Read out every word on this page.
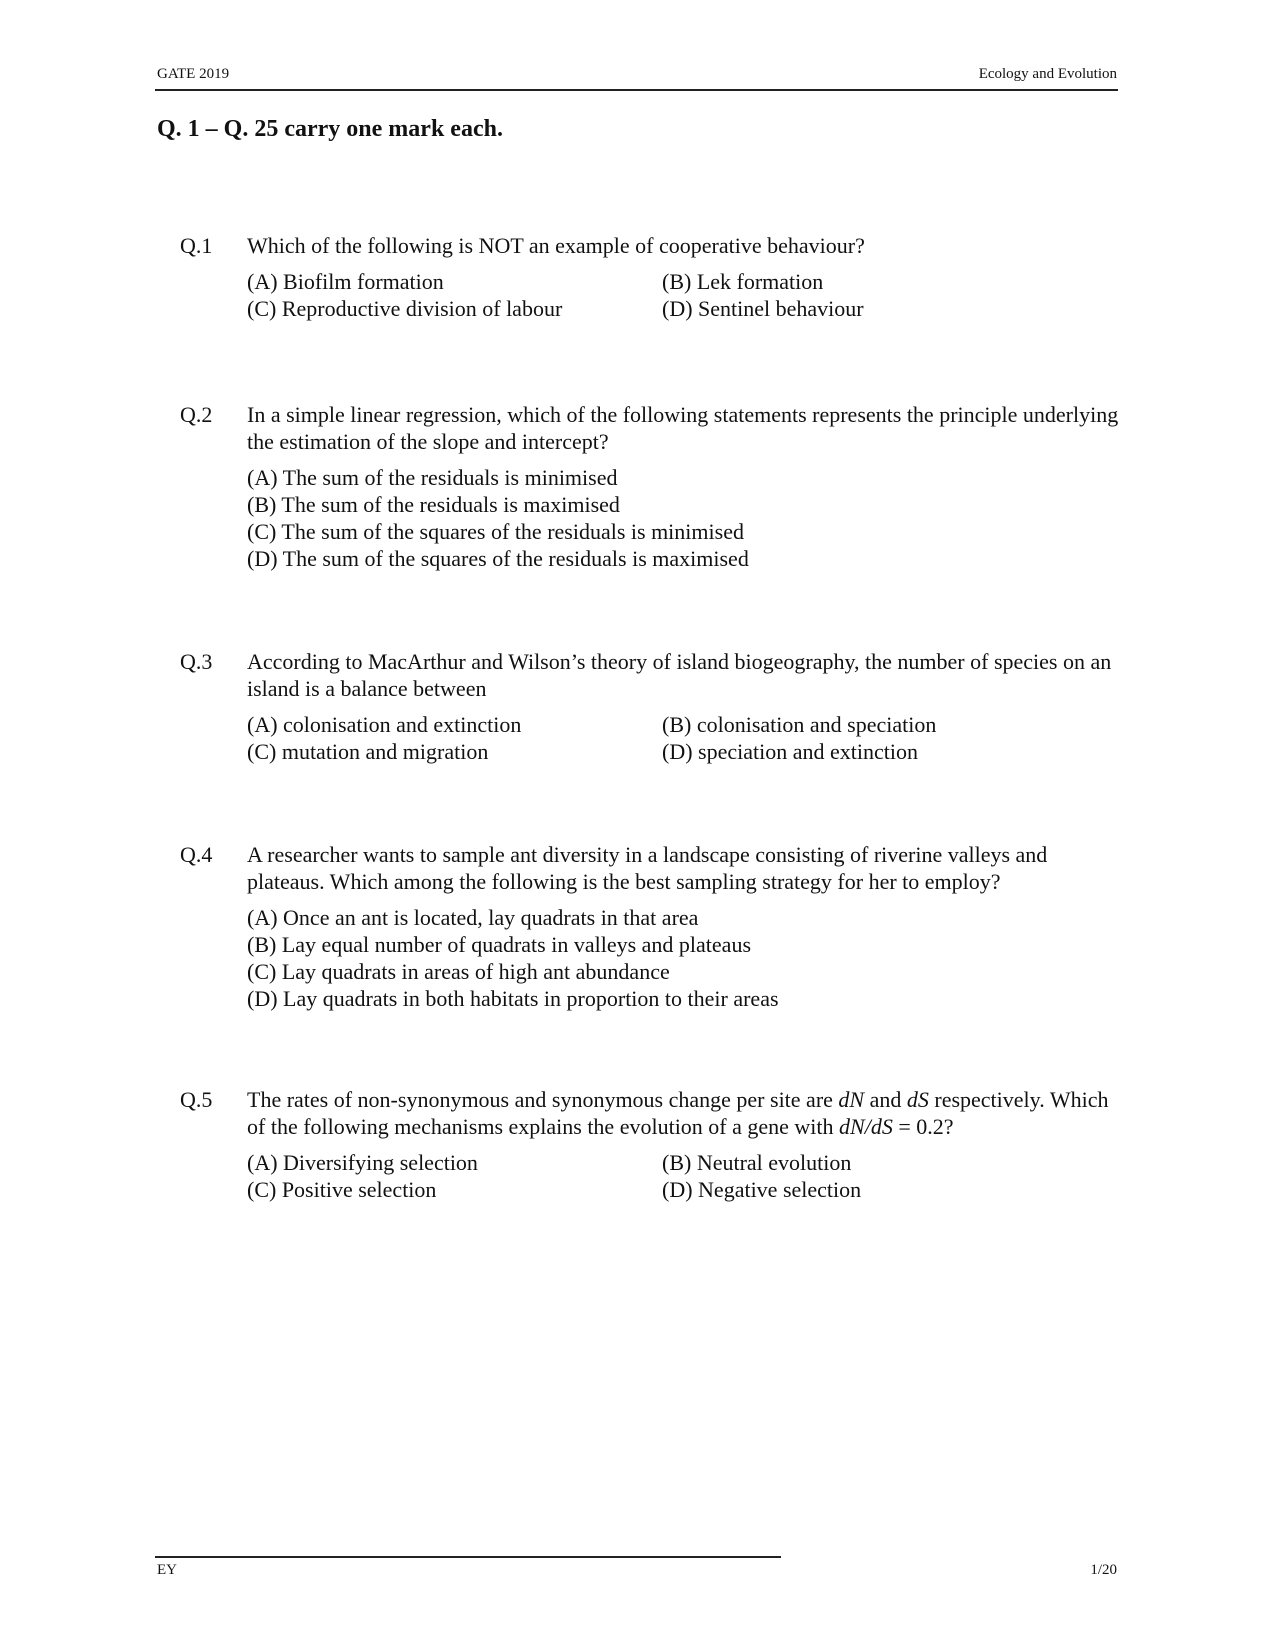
GATE 2019	Ecology and Evolution
Q. 1 – Q. 25 carry one mark each.
Q.1	Which of the following is NOT an example of cooperative behaviour?
(A) Biofilm formation	(B) Lek formation
(C) Reproductive division of labour	(D) Sentinel behaviour
Q.2	In a simple linear regression, which of the following statements represents the principle underlying the estimation of the slope and intercept?
(A) The sum of the residuals is minimised
(B) The sum of the residuals is maximised
(C) The sum of the squares of the residuals is minimised
(D) The sum of the squares of the residuals is maximised
Q.3	According to MacArthur and Wilson’s theory of island biogeography, the number of species on an island is a balance between
(A) colonisation and extinction	(B) colonisation and speciation
(C) mutation and migration	(D) speciation and extinction
Q.4	A researcher wants to sample ant diversity in a landscape consisting of riverine valleys and plateaus. Which among the following is the best sampling strategy for her to employ?
(A) Once an ant is located, lay quadrats in that area
(B) Lay equal number of quadrats in valleys and plateaus
(C) Lay quadrats in areas of high ant abundance
(D) Lay quadrats in both habitats in proportion to their areas
Q.5	The rates of non-synonymous and synonymous change per site are dN and dS respectively. Which of the following mechanisms explains the evolution of a gene with dN/dS = 0.2?
(A) Diversifying selection	(B) Neutral evolution
(C) Positive selection	(D) Negative selection
EY	1/20
